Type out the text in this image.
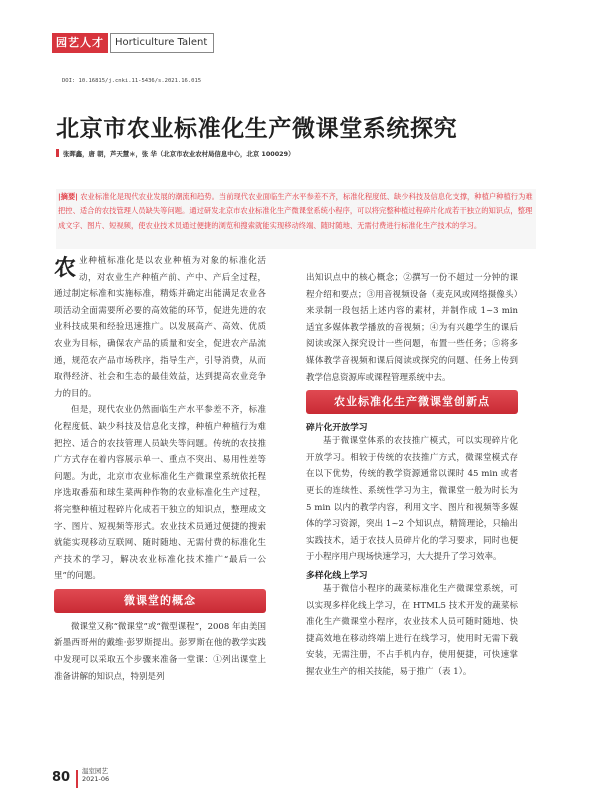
园艺人才	Horticulture Talent
DOI: 10.16815/j.cnki.11-5436/s.2021.16.015
北京市农业标准化生产微课堂系统探究
张晖鑫，唐 朝，芦天慧＊，张 华（北京市农业农村局信息中心，北京 100029）
|摘要| 农业标准化是现代农业发展的潮流和趋势。当前现代农业面临生产水平参差不齐，标准化程度低、缺少科技及信息化支撑，种植户种植行为难把控、适合的农技管理人员缺失等问题。通过研发北京市农业标准化生产微课堂系统小程序，可以将完整种植过程碎片化成若干独立的知识点，整理成文字、图片、短视频，使农业技术员通过便捷的浏览和搜索就能实现移动终端、随时随地、无需付费进行标准化生产技术的学习。

农业种植标准化是以农业种植为对象的标准化活动，对农业生产种植产前、产中、产后全过程，通过制定标准和实施标准，精炼并确定出能满足农业各项活动全面需要所必要的高效能的环节，促进先进的农业科技成果和经验迅速推广。以发展高产、高效、优质农业为目标，确保农产品的质量和安全，促进农产品流通，规范农产品市场秩序，指导生产，引导消费，从而取得经济、社会和生态的最佳效益，达到提高农业竞争力的目的。

但是，现代农业仍然面临生产水平参差不齐，标准化程度低、缺少科技及信息化支撑，种植户种植行为难把控、适合的农技管理人员缺失等问题。传统的农技推广方式存在着内容展示单一、重点不突出、易用性差等问题。为此，北京市农业标准化生产微课堂系统依托程序选取番茄和球生菜两种作物的农业标准化生产过程，将完整种植过程碎片化成若干独立的知识点，整理成文字、图片、短视频等形式。农业技术员通过便捷的搜索就能实现移动互联网、随时随地、无需付费的标准化生产技术的学习，解决农业标准化技术推广“最后一公里”的问题。

微课堂的概念

微课堂又称“微课堂”或“微型课程”，2008 年由美国新墨西哥州的戴维·彭罗斯提出。彭罗斯在他的教学实践中发现可以采取五个步骤来准备一堂课：①列出课堂上准备讲解的知识点，特别是列

出知识点中的核心概念；②撰写一份不超过一分钟的课程介绍和要点；③用音视频设备（麦克风或网络摄像头）来录制一段包括上述内容的素材，并制作成 1~3 min 适宜多媒体教学播放的音视频；④为有兴趣学生的课后阅读或深入探究设计一些问题，布置一些任务；⑤将多媒体教学音视频和课后阅读或探究的问题、任务上传到教学信息资源库或课程管理系统中去。

农业标准化生产微课堂创新点
碎片化开放学习

基于微课堂体系的农技推广模式，可以实现碎片化开放学习。相较于传统的农技推广方式，微课堂模式存在以下优势，传统的教学资源通常以课时 45 min 或者更长的连续性、系统性学习为主，微课堂一般为时长为 5 min 以内的教学内容，利用文字、图片和视频等多媒体的学习资源，突出 1~2 个知识点，精简理论，只输出实践技术，适于农技人员碎片化的学习要求，同时也便于小程序用户现场快速学习，大大提升了学习效率。

多样化线上学习

基于微信小程序的蔬菜标准化生产微课堂系统，可以实现多样化线上学习，在 HTML5 技术开发的蔬菜标准化生产微课堂小程序，农业技术人员可随时随地、快捷高效地在移动终端上进行在线学习，使用时无需下载安装，无需注册，不占手机内存，使用便捷，可快速掌握农业生产的相关技能，易于推广（表 1）。

80 温室园艺
2021-06
